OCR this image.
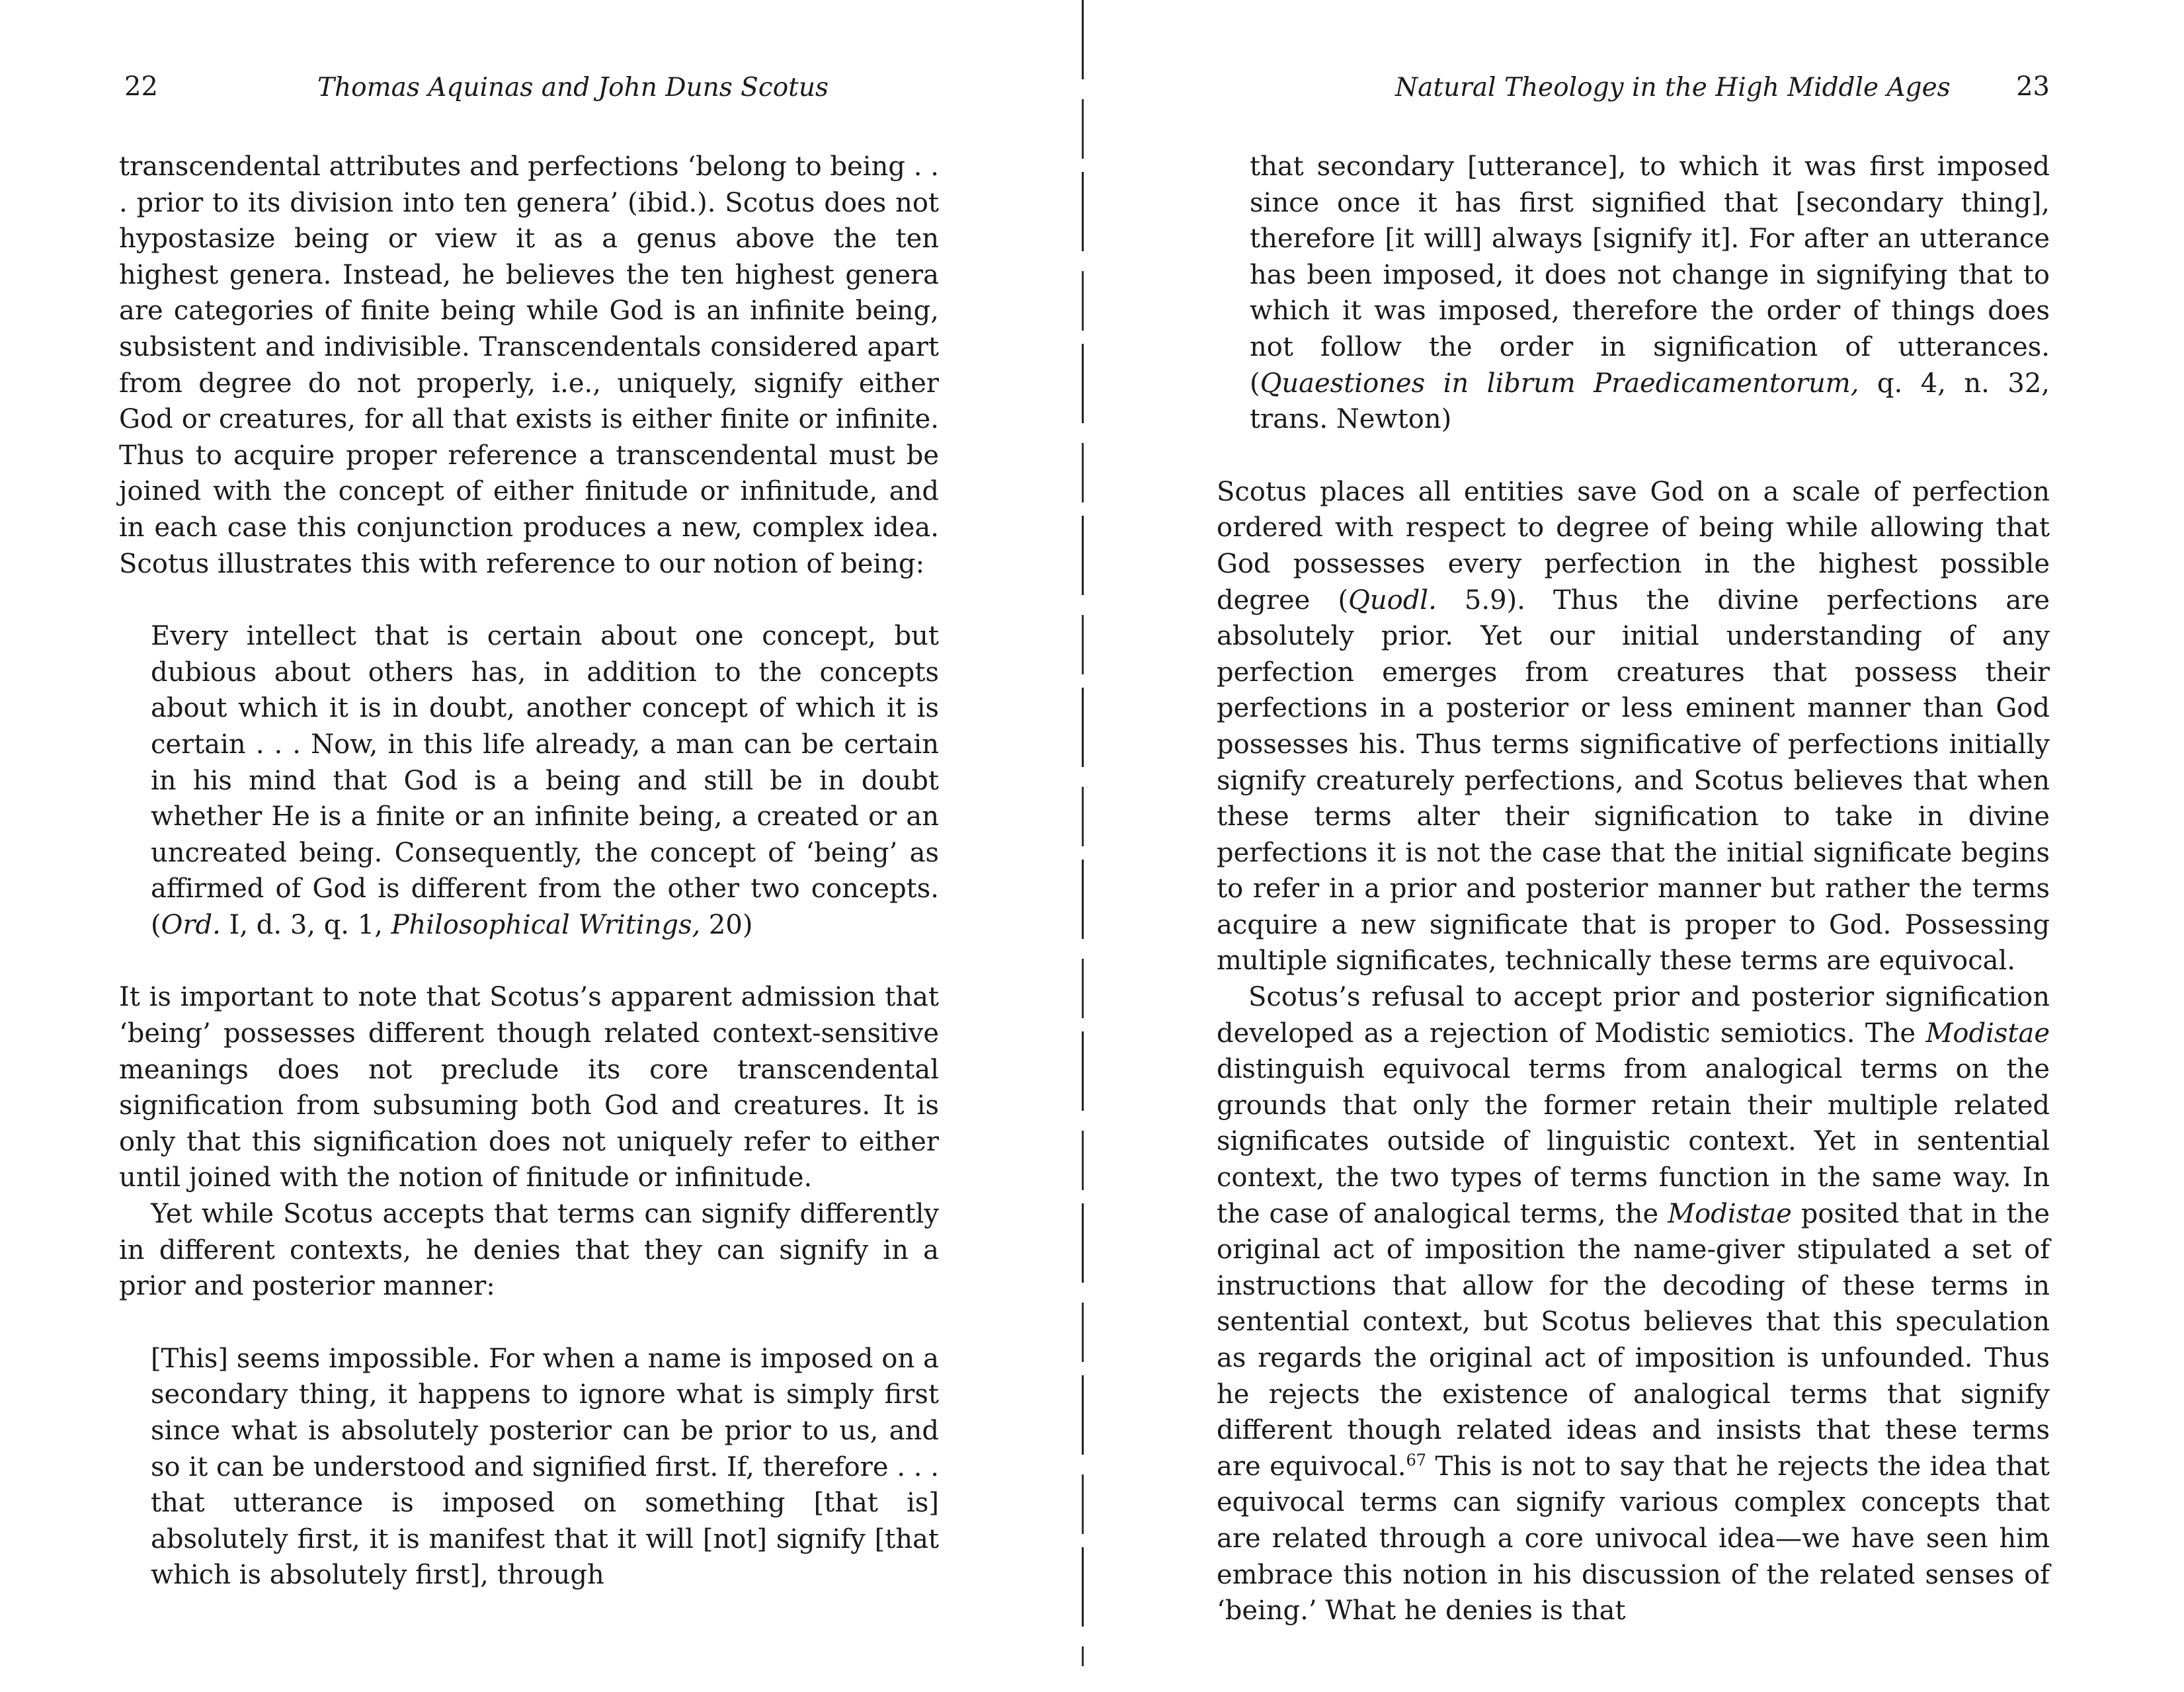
22	Thomas Aquinas and John Duns Scotus

transcendental attributes and perfections ‘belong to being . . . prior to its division into ten genera’ (ibid.). Scotus does not hypostasize being or view it as a genus above the ten highest genera. Instead, he believes the ten highest genera are categories of finite being while God is an infinite being, subsistent and indivisible. Transcendentals considered apart from degree do not properly, i.e., uniquely, signify either God or creatures, for all that exists is either finite or infinite. Thus to acquire proper reference a transcendental must be joined with the concept of either finitude or infinitude, and in each case this conjunction produces a new, complex idea. Scotus illustrates this with reference to our notion of being:

Every intellect that is certain about one concept, but dubious about others has, in addition to the concepts about which it is in doubt, another concept of which it is certain . . . Now, in this life already, a man can be certain in his mind that God is a being and still be in doubt whether He is a finite or an infinite being, a created or an uncreated being. Consequently, the concept of ‘being’ as affirmed of God is different from the other two concepts. (Ord. I, d. 3, q. 1, Philosophical Writings, 20)

It is important to note that Scotus’s apparent admission that ‘being’ possesses different though related context-sensitive meanings does not preclude its core transcendental signification from subsuming both God and creatures. It is only that this signification does not uniquely refer to either until joined with the notion of finitude or infinitude.

Yet while Scotus accepts that terms can signify differently in different contexts, he denies that they can signify in a prior and posterior manner:

[This] seems impossible. For when a name is imposed on a secondary thing, it happens to ignore what is simply first since what is absolutely posterior can be prior to us, and so it can be understood and signified first. If, therefore . . . that utterance is imposed on something [that is] absolutely first, it is manifest that it will [not] signify [that which is absolutely first], through
Natural Theology in the High Middle Ages 23
that secondary [utterance], to which it was first imposed since once it has first signified that [secondary thing], therefore [it will] always [signify it]. For after an utterance has been imposed, it does not change in signifying that to which it was imposed, therefore the order of things does not follow the order in signification of utterances. (Quaestiones in librum Praedicamentorum, q. 4, n. 32, trans. Newton)

Scotus places all entities save God on a scale of perfection ordered with respect to degree of being while allowing that God possesses every perfection in the highest possible degree (Quodl. 5.9). Thus the divine perfections are absolutely prior. Yet our initial understanding of any perfection emerges from creatures that possess their perfections in a posterior or less eminent manner than God possesses his. Thus terms significative of perfections initially signify creaturely perfections, and Scotus believes that when these terms alter their signification to take in divine perfections it is not the case that the initial significate begins to refer in a prior and posterior manner but rather the terms acquire a new significate that is proper to God. Possessing multiple significates, technically these terms are equivocal.

Scotus’s refusal to accept prior and posterior signification developed as a rejection of Modistic semiotics. The Modistae distinguish equivocal terms from analogical terms on the grounds that only the former retain their multiple related significates outside of linguistic context. Yet in sentential context, the two types of terms function in the same way. In the case of analogical terms, the Modistae posited that in the original act of imposition the name-giver stipulated a set of instructions that allow for the decoding of these terms in sentential context, but Scotus believes that this speculation as regards the original act of imposition is unfounded. Thus he rejects the existence of analogical terms that signify different though related ideas and insists that these terms are equivocal.$^{67}$ This is not to say that he rejects the idea that equivocal terms can signify various complex concepts that are related through a core univocal idea—we have seen him embrace this notion in his discussion of the related senses of ‘being.’ What he denies is that
